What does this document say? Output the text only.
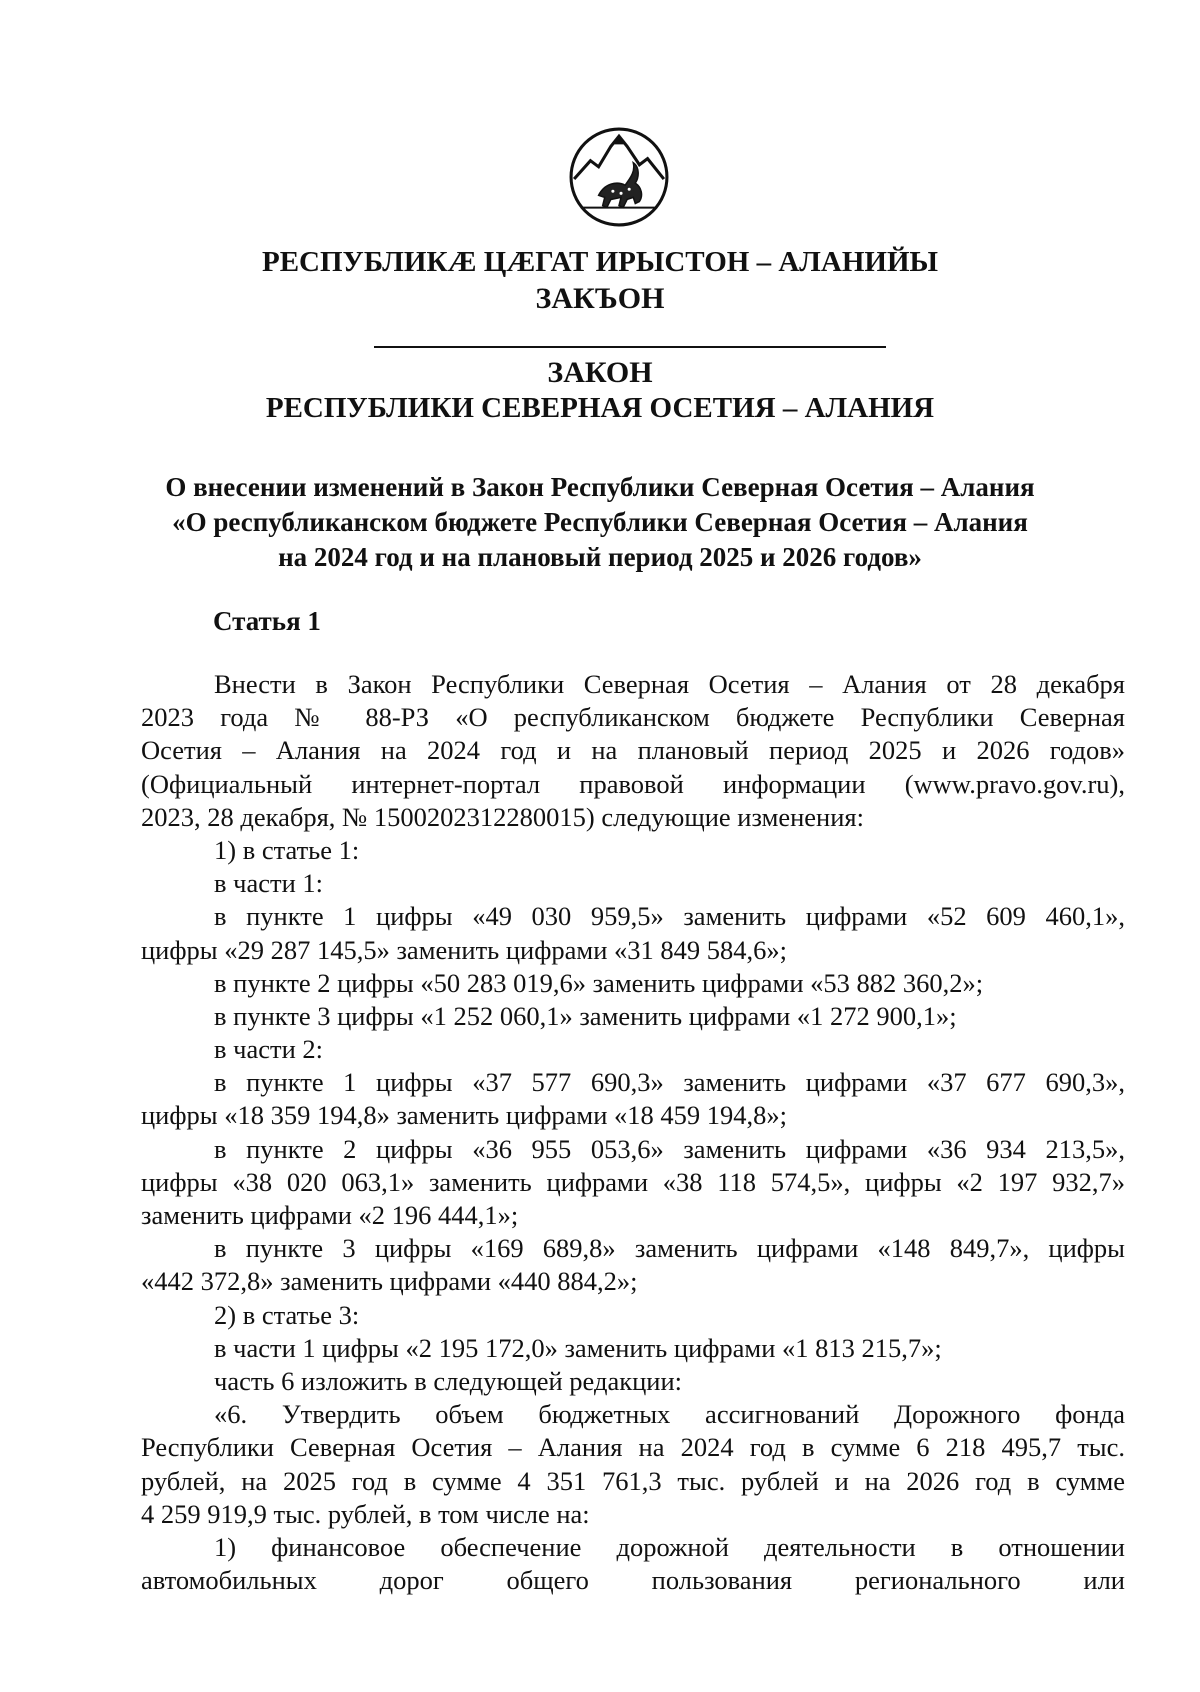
РЕСПУБЛИКӔ ЦӔГАТ ИРЫСТОН – АЛАНИЙЫ
ЗАКЪОН
ЗАКОН
РЕСПУБЛИКИ СЕВЕРНАЯ ОСЕТИЯ – АЛАНИЯ
О внесении изменений в Закон Республики Северная Осетия – Алания
«О республиканском бюджете Республики Северная Осетия – Алания
на 2024 год и на плановый период 2025 и 2026 годов»
Статья 1
Внести в Закон Республики Северная Осетия – Алания от 28 декабря
2023 года № 88-РЗ «О республиканском бюджете Республики Северная
Осетия – Алания на 2024 год и на плановый период 2025 и 2026 годов»
(Официальный интернет-портал правовой информации (www.pravo.gov.ru),
2023, 28 декабря, № 1500202312280015) следующие изменения:
1) в статье 1:
в части 1:
в пункте 1 цифры «49 030 959,5» заменить цифрами «52 609 460,1»,
цифры «29 287 145,5» заменить цифрами «31 849 584,6»;
в пункте 2 цифры «50 283 019,6» заменить цифрами «53 882 360,2»;
в пункте 3 цифры «1 252 060,1» заменить цифрами «1 272 900,1»;
в части 2:
в пункте 1 цифры «37 577 690,3» заменить цифрами «37 677 690,3»,
цифры «18 359 194,8» заменить цифрами «18 459 194,8»;
в пункте 2 цифры «36 955 053,6» заменить цифрами «36 934 213,5»,
цифры «38 020 063,1» заменить цифрами «38 118 574,5», цифры «2 197 932,7»
заменить цифрами «2 196 444,1»;
в пункте 3 цифры «169 689,8» заменить цифрами «148 849,7», цифры
«442 372,8» заменить цифрами «440 884,2»;
2) в статье 3:
в части 1 цифры «2 195 172,0» заменить цифрами «1 813 215,7»;
часть 6 изложить в следующей редакции:
«6. Утвердить объем бюджетных ассигнований Дорожного фонда
Республики Северная Осетия – Алания на 2024 год в сумме 6 218 495,7 тыс.
рублей, на 2025 год в сумме 4 351 761,3 тыс. рублей и на 2026 год в сумме
4 259 919,9 тыс. рублей, в том числе на:
1) финансовое обеспечение дорожной деятельности в отношении
автомобильных дорог общего пользования регионального или
